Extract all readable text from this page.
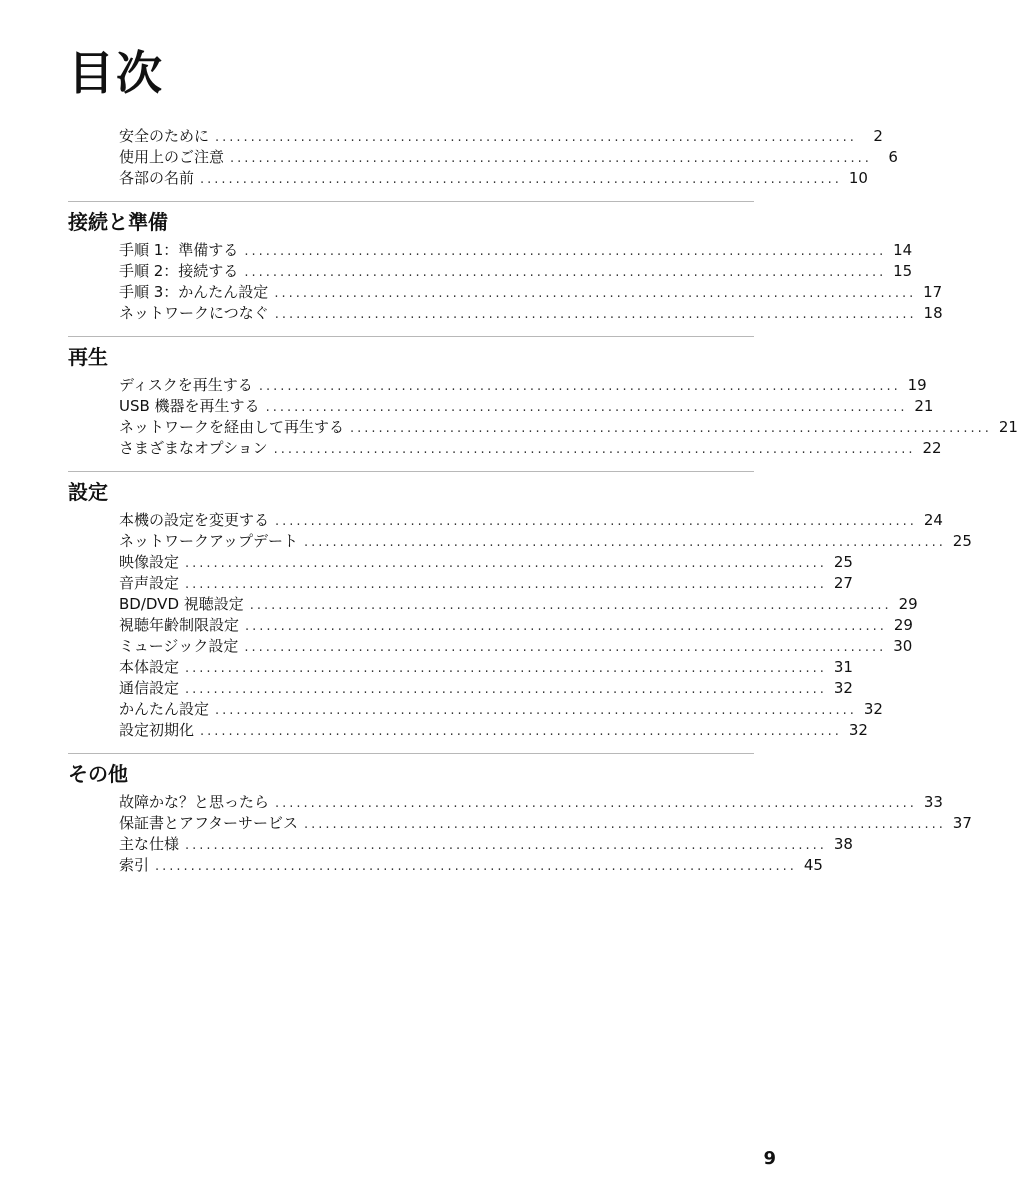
目次
安全のために ..........................................................................................	2
使用上のご注意 ..........................................................................................	6
各部の名前 .......................................................................................... 10
接続と準備
手順 1：準備する .......................................................................................... 14
手順 2：接続する .......................................................................................... 15
手順 3：かんたん設定 .......................................................................................... 17
ネットワークにつなぐ .......................................................................................... 18
再生
ディスクを再生する .......................................................................................... 19
USB 機器を再生する .......................................................................................... 21
ネットワークを経由して再生する .......................................................................................... 21
さまざまなオプション .......................................................................................... 22
設定
本機の設定を変更する .......................................................................................... 24
ネットワークアップデート .......................................................................................... 25
映像設定 .......................................................................................... 25
音声設定 .......................................................................................... 27
BD/DVD 視聴設定 .......................................................................................... 29
視聴年齢制限設定 .......................................................................................... 29
ミュージック設定 .......................................................................................... 30
本体設定 .......................................................................................... 31
通信設定 .......................................................................................... 32
かんたん設定 .......................................................................................... 32
設定初期化 .......................................................................................... 32
その他
故障かな？と思ったら .......................................................................................... 33
保証書とアフターサービス .......................................................................................... 37
主な仕様 .......................................................................................... 38
索引 .......................................................................................... 45
9
